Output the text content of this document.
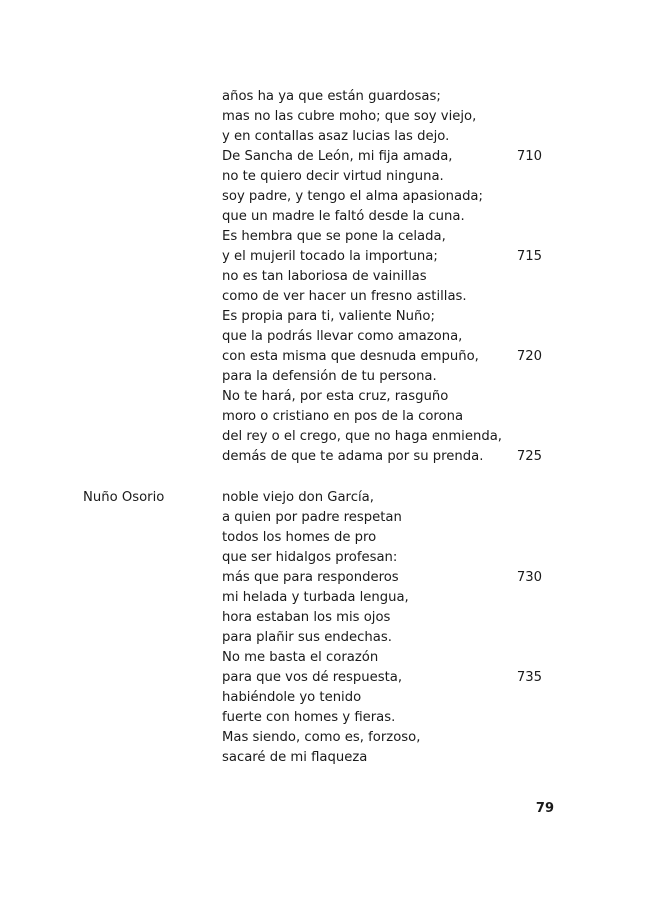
años ha ya que están guardosas;
mas no las cubre moho; que soy viejo,
y en contallas asaz lucias las dejo.
De Sancha de León, mi fija amada,	710
no te quiero decir virtud ninguna.
soy padre, y tengo el alma apasionada;
que un madre le faltó desde la cuna.
Es hembra que se pone la celada,
y el mujeril tocado la importuna;	715
no es tan laboriosa de vainillas
como de ver hacer un fresno astillas.
Es propia para ti, valiente Nuño;
que la podrás llevar como amazona,
con esta misma que desnuda empuño,	720
para la defensión de tu persona.
No te hará, por esta cruz, rasguño
moro o cristiano en pos de la corona
del rey o el crego, que no haga enmienda,
demás de que te adama por su prenda.	725
Nuño Osorio	noble viejo don García,
a quien por padre respetan
todos los homes de pro
que ser hidalgos profesan:
más que para responderos	730
mi helada y turbada lengua,
hora estaban los mis ojos
para plañir sus endechas.
No me basta el corazón
para que vos dé respuesta,	735
habiéndole yo tenido
fuerte con homes y fieras.
Mas siendo, como es, forzoso,
sacaré de mi flaqueza
79
